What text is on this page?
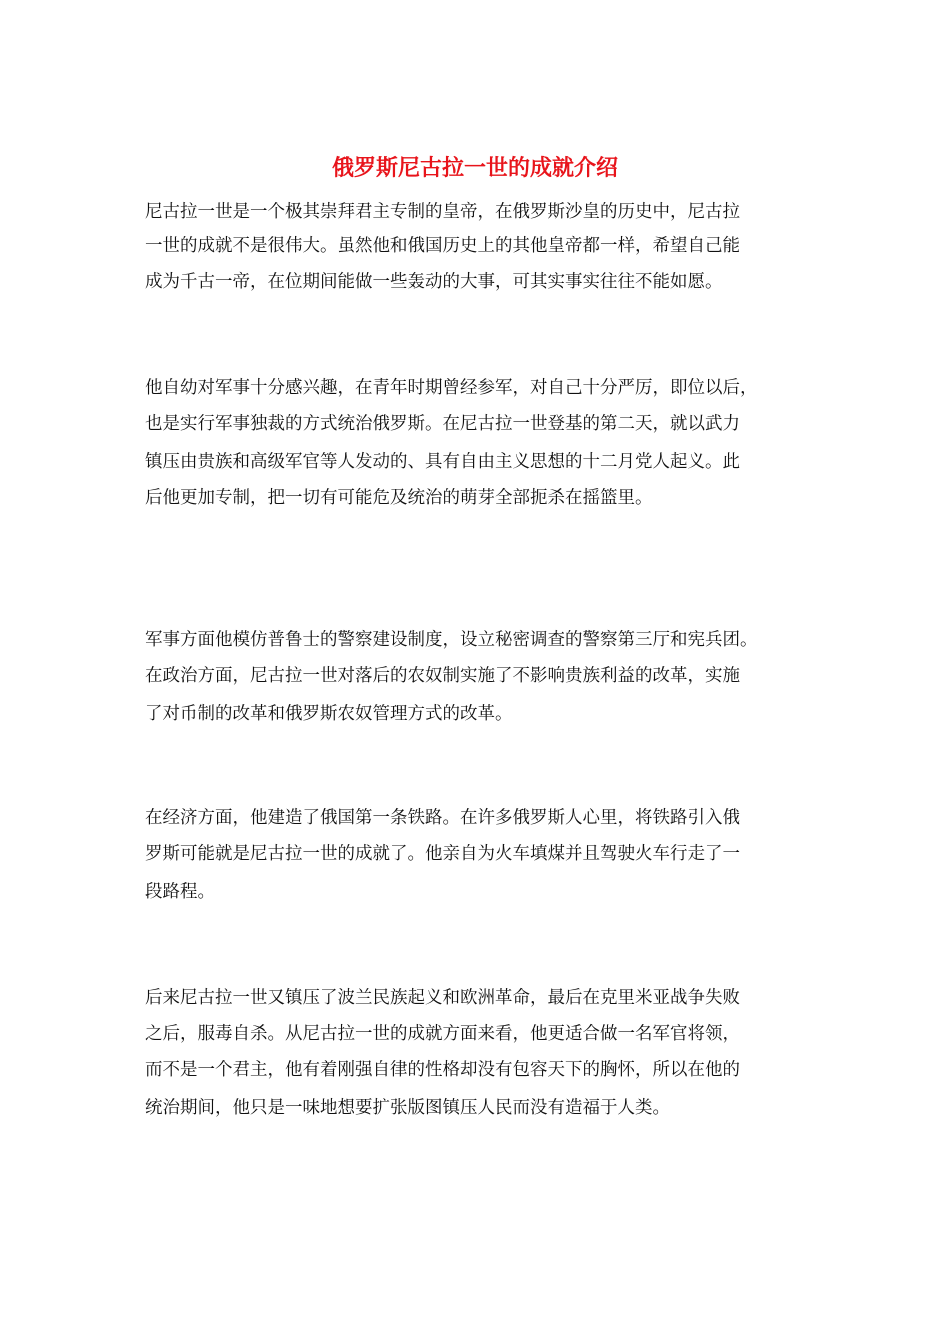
俄罗斯尼古拉一世的成就介绍
尼古拉一世是一个极其崇拜君主专制的皇帝，在俄罗斯沙皇的历史中，尼古拉
一世的成就不是很伟大。虽然他和俄国历史上的其他皇帝都一样，希望自己能
成为千古一帝，在位期间能做一些轰动的大事，可其实事实往往不能如愿。
他自幼对军事十分感兴趣，在青年时期曾经参军，对自己十分严厉，即位以后，
也是实行军事独裁的方式统治俄罗斯。在尼古拉一世登基的第二天，就以武力
镇压由贵族和高级军官等人发动的、具有自由主义思想的十二月党人起义。此
后他更加专制，把一切有可能危及统治的萌芽全部扼杀在摇篮里。
军事方面他模仿普鲁士的警察建设制度，设立秘密调查的警察第三厅和宪兵团。
在政治方面，尼古拉一世对落后的农奴制实施了不影响贵族利益的改革，实施
了对币制的改革和俄罗斯农奴管理方式的改革。
在经济方面，他建造了俄国第一条铁路。在许多俄罗斯人心里，将铁路引入俄
罗斯可能就是尼古拉一世的成就了。他亲自为火车填煤并且驾驶火车行走了一
段路程。
后来尼古拉一世又镇压了波兰民族起义和欧洲革命，最后在克里米亚战争失败
之后，服毒自杀。从尼古拉一世的成就方面来看，他更适合做一名军官将领，
而不是一个君主，他有着刚强自律的性格却没有包容天下的胸怀，所以在他的
统治期间，他只是一味地想要扩张版图镇压人民而没有造福于人类。
